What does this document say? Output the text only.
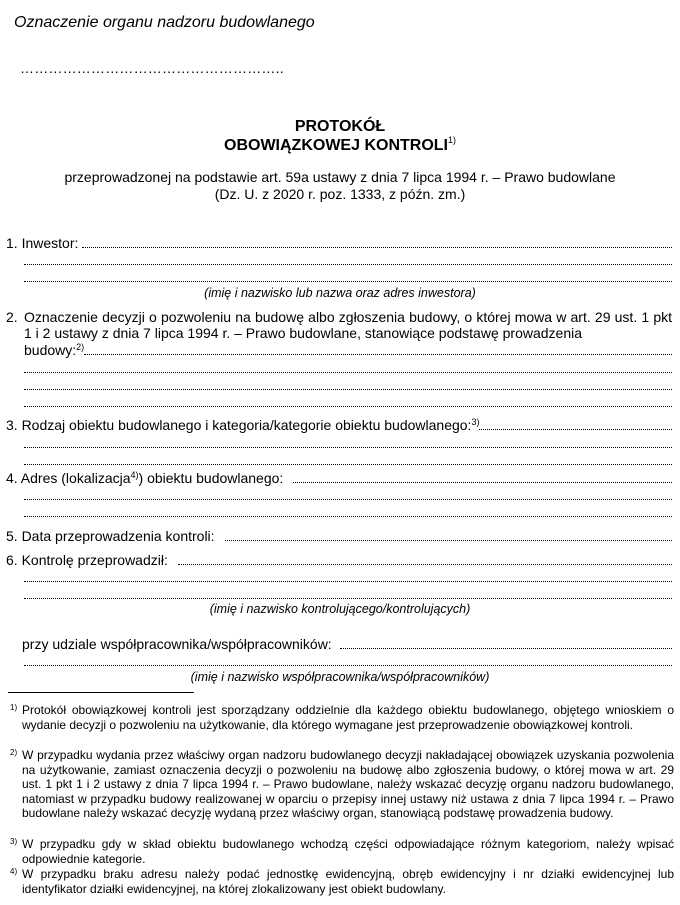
Oznaczenie organu nadzoru budowlanego
………………………………………………..
PROTOKÓŁ
OBOWIĄZKOWEJ KONTROLI$^{1)}$
przeprowadzonej na podstawie art. 59a ustawy z dnia 7 lipca 1994 r. – Prawo budowlane
(Dz. U. z 2020 r. poz. 1333, z późn. zm.)
1. Inwestor:
(imię i nazwisko lub nazwa oraz adres inwestora)
2. Oznaczenie decyzji o pozwoleniu na budowę albo zgłoszenia budowy, o której mowa w art. 29 ust. 1 pkt 1 i 2 ustawy z dnia 7 lipca 1994 r. – Prawo budowlane, stanowiące podstawę prowadzenia
budowy:$^{2)}$
3. Rodzaj obiektu budowlanego i kategoria/kategorie obiektu budowlanego:$^{3)}$
4. Adres (lokalizacja$^{4)}$) obiektu budowlanego:
5. Data przeprowadzenia kontroli:
6. Kontrolę przeprowadził:
(imię i nazwisko kontrolującego/kontrolujących)
przy udziale współpracownika/współpracowników:
(imię i nazwisko współpracownika/współpracowników)
1) Protokół obowiązkowej kontroli jest sporządzany oddzielnie dla każdego obiektu budowlanego, objętego wnioskiem o wydanie decyzji o pozwoleniu na użytkowanie, dla którego wymagane jest przeprowadzenie obowiązkowej kontroli.
2) W przypadku wydania przez właściwy organ nadzoru budowlanego decyzji nakładającej obowiązek uzyskania pozwolenia na użytkowanie, zamiast oznaczenia decyzji o pozwoleniu na budowę albo zgłoszenia budowy, o której mowa w art. 29 ust. 1 pkt 1 i 2 ustawy z dnia 7 lipca 1994 r. – Prawo budowlane, należy wskazać decyzję organu nadzoru budowlanego, natomiast w przypadku budowy realizowanej w oparciu o przepisy innej ustawy niż ustawa z dnia 7 lipca 1994 r. – Prawo budowlane należy wskazać decyzję wydaną przez właściwy organ, stanowiącą podstawę prowadzenia budowy.
3) W przypadku gdy w skład obiektu budowlanego wchodzą części odpowiadające różnym kategoriom, należy wpisać odpowiednie kategorie.
4) W przypadku braku adresu należy podać jednostkę ewidencyjną, obręb ewidencyjny i nr działki ewidencyjnej lub identyfikator działki ewidencyjnej, na której zlokalizowany jest obiekt budowlany.
